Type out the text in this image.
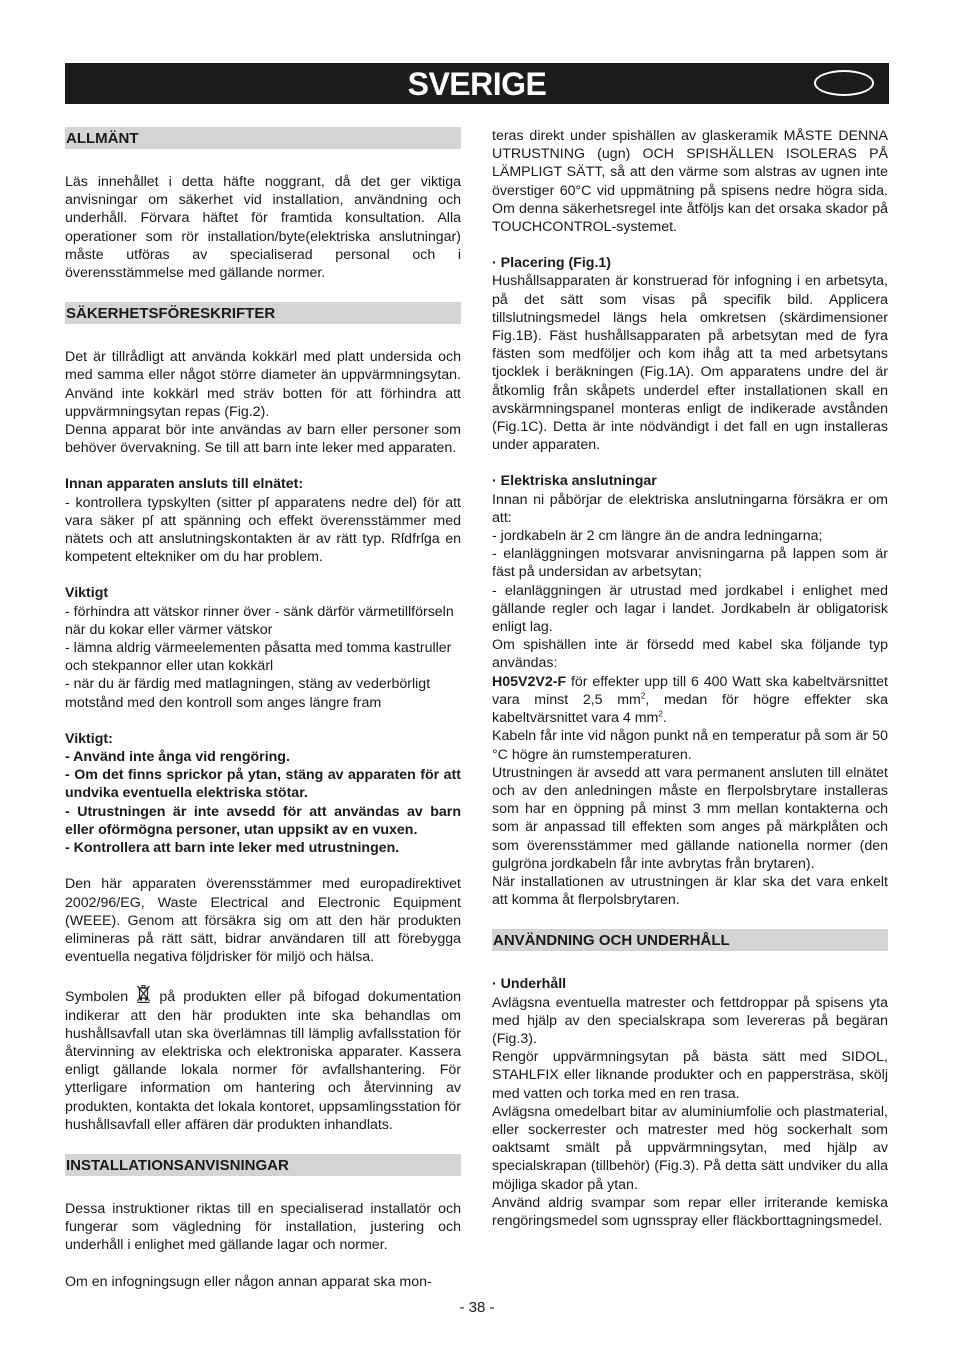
SVERIGE
ALLMÄNT

Läs innehållet i detta häfte noggrant, då det ger viktiga anvisningar om säkerhet vid installation, användning och underhåll. Förvara häftet för framtida konsultation. Alla operationer som rör installation/byte(elektriska anslutningar) måste utföras av specialiserad personal och i överensstämmelse med gällande normer.

SÄKERHETSFÖRESKRIFTER

Det är tillrådligt att använda kokkärl med platt undersida och med samma eller något större diameter än uppvärmningsytan. Använd inte kokkärl med sträv botten för att förhindra att uppvärmningsytan repas (Fig.2).

Denna apparat bör inte användas av barn eller personer som behöver övervakning. Se till att barn inte leker med apparaten.

Innan apparaten ansluts till elnätet:

- kontrollera typskylten (sitter pſ apparatens nedre del) för att vara säker pſ att spänning och effekt överensstämmer med nätets och att anslutningskontakten är av rätt typ. Rſdfrſga en kompetent eltekniker om du har problem.

Viktigt

- förhindra att vätskor rinner över - sänk därför värmetillförseln när du kokar eller värmer vätskor

- lämna aldrig värmeelementen påsatta med tomma kastruller och stekpannor eller utan kokkärl

- när du är färdig med matlagningen, stäng av vederbörligt motstånd med den kontroll som anges längre fram

Viktigt:

- Använd inte ånga vid rengöring.

- Om det finns sprickor på ytan, stäng av apparaten för att undvika eventuella elektriska stötar.

- Utrustningen är inte avsedd för att användas av barn eller oförmögna personer, utan uppsikt av en vuxen.

- Kontrollera att barn inte leker med utrustningen.

Den här apparaten överensstämmer med europadirektivet 2002/96/EG, Waste Electrical and Electronic Equipment (WEEE). Genom att försäkra sig om att den här produkten elimineras på rätt sätt, bidrar användaren till att förebygga eventuella negativa följdrisker för miljö och hälsa.

Symbolen på produkten eller på bifogad dokumentation indikerar att den här produkten inte ska behandlas om hushållsavfall utan ska överlämnas till lämplig avfallsstation för återvinning av elektriska och elektroniska apparater. Kassera enligt gällande lokala normer för avfallshantering. För ytterligare information om hantering och återvinning av produkten, kontakta det lokala kontoret, uppsamlingsstation för hushållsavfall eller affären där produkten inhandlats.

INSTALLATIONSANVISNINGAR

Dessa instruktioner riktas till en specialiserad installatör och fungerar som vägledning för installation, justering och underhåll i enlighet med gällande lagar och normer.

Om en infogningsugn eller någon annan apparat ska mon-

teras direkt under spishällen av glaskeramik MÅSTE DENNA UTRUSTNING (ugn) OCH SPISHÄLLEN ISOLERAS PÅ LÄMPLIGT SÄTT, så att den värme som alstras av ugnen inte överstiger 60°C vid uppmätning på spisens nedre högra sida. Om denna säkerhetsregel inte åtföljs kan det orsaka skador på TOUCHCONTROL-systemet.

· Placering (Fig.1)

Hushållsapparaten är konstruerad för infogning i en arbetsyta, på det sätt som visas på specifik bild. Applicera tillslutningsmedel längs hela omkretsen (skärdimensioner Fig.1B). Fäst hushållsapparaten på arbetsytan med de fyra fästen som medföljer och kom ihåg att ta med arbetsytans tjocklek i beräkningen (Fig.1A). Om apparatens undre del är åtkomlig från skåpets underdel efter installationen skall en avskärmningspanel monteras enligt de indikerade avstånden (Fig.1C). Detta är inte nödvändigt i det fall en ugn installeras under apparaten.

· Elektriska anslutningar

Innan ni påbörjar de elektriska anslutningarna försäkra er om att:

- jordkabeln är 2 cm längre än de andra ledningarna;

- elanläggningen motsvarar anvisningarna på lappen som är fäst på undersidan av arbetsytan;

- elanläggningen är utrustad med jordkabel i enlighet med gällande regler och lagar i landet. Jordkabeln är obligatorisk enligt lag.

Om spishällen inte är försedd med kabel ska följande typ användas:

H05V2V2-F för effekter upp till 6 400 Watt ska kabeltvärsnittet vara minst 2,5 $mm^2$, medan för högre effekter ska kabeltvärsnittet vara 4 $mm^2$.

Kabeln får inte vid någon punkt nå en temperatur på som är 50 °C högre än rumstemperaturen.

Utrustningen är avsedd att vara permanent ansluten till elnätet och av den anledningen måste en flerpolsbrytare installeras som har en öppning på minst 3 mm mellan kontakterna och som är anpassad till effekten som anges på märkplåten och som överensstämmer med gällande nationella normer (den gulgröna jordkabeln får inte avbrytas från brytaren).

När installationen av utrustningen är klar ska det vara enkelt att komma åt flerpolsbrytaren.

ANVÄNDNING OCH UNDERHÅLL

· Underhåll

Avlägsna eventuella matrester och fettdroppar på spisens yta med hjälp av den specialskrapa som levereras på begäran (Fig.3).

Rengör uppvärmningsytan på bästa sätt med SIDOL, STAHLFIX eller liknande produkter och en pappersträsa, skölj med vatten och torka med en ren trasa.

Avlägsna omedelbart bitar av aluminiumfolie och plastmaterial, eller sockerrester och matrester med hög sockerhalt som oaktsamt smält på uppvärmningsytan, med hjälp av specialskrapan (tillbehör) (Fig.3). På detta sätt undviker du alla möjliga skador på ytan.

Använd aldrig svampar som repar eller irriterande kemiska rengöringsmedel som ugnsspray eller fläckborttagningsmedel.

- 38 -
